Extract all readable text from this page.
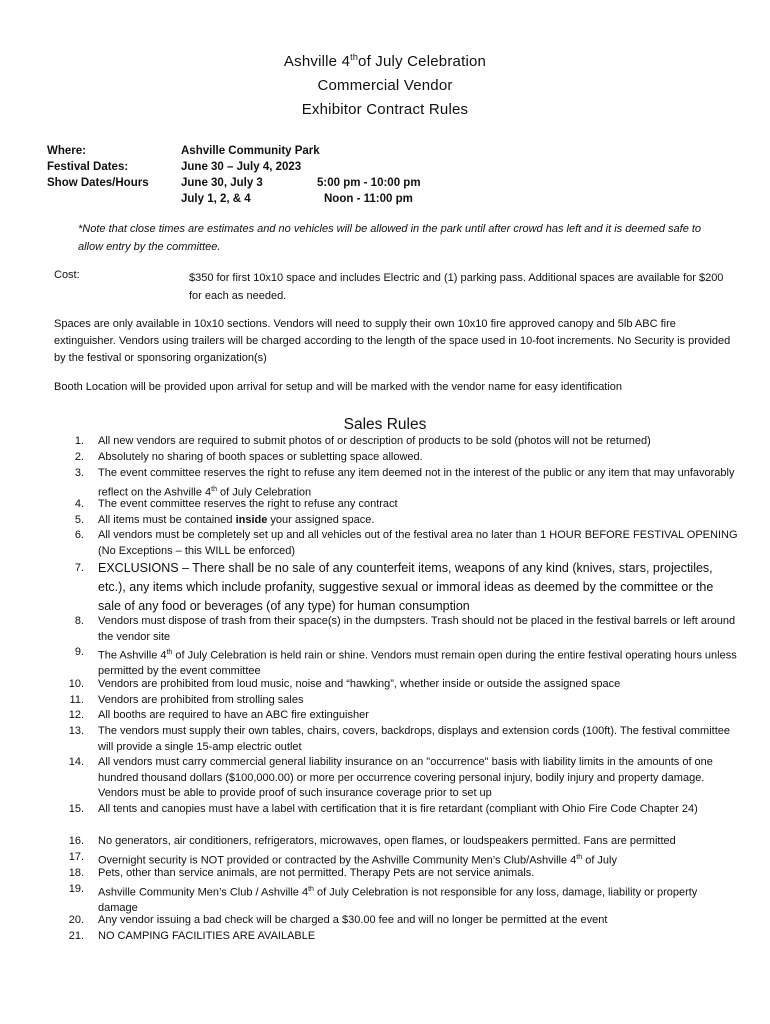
Ashville 4thof July Celebration
Commercial Vendor
Exhibitor Contract Rules
Where:	Ashville Community Park
Festival Dates:	June 30 – July 4, 2023
Show Dates/Hours	June 30, July 3	5:00 pm - 10:00 pm
July 1, 2, & 4	Noon - 11:00 pm
*Note that close times are estimates and no vehicles will be allowed in the park until after crowd has left and it is deemed safe to allow entry by the committee.
Cost:	$350 for first 10x10 space and includes Electric and (1) parking pass. Additional spaces are available for $200 for each as needed.
Spaces are only available in 10x10 sections. Vendors will need to supply their own 10x10 fire approved canopy and 5lb ABC fire extinguisher. Vendors using trailers will be charged according to the length of the space used in 10-foot increments. No Security is provided by the festival or sponsoring organization(s)
Booth Location will be provided upon arrival for setup and will be marked with the vendor name for easy identification
Sales Rules
1. All new vendors are required to submit photos of or description of products to be sold (photos will not be returned)
2. Absolutely no sharing of booth spaces or subletting space allowed.
3. The event committee reserves the right to refuse any item deemed not in the interest of the public or any item that may unfavorably reflect on the Ashville 4th of July Celebration
4. The event committee reserves the right to refuse any contract
5. All items must be contained inside your assigned space.
6. All vendors must be completely set up and all vehicles out of the festival area no later than 1 HOUR BEFORE FESTIVAL OPENING (No Exceptions – this WILL be enforced)
7. EXCLUSIONS – There shall be no sale of any counterfeit items, weapons of any kind (knives, stars, projectiles, etc.), any items which include profanity, suggestive sexual or immoral ideas as deemed by the committee or the sale of any food or beverages (of any type) for human consumption
8. Vendors must dispose of trash from their space(s) in the dumpsters. Trash should not be placed in the festival barrels or left around the vendor site
9. The Ashville 4th of July Celebration is held rain or shine. Vendors must remain open during the entire festival operating hours unless permitted by the event committee
10. Vendors are prohibited from loud music, noise and “hawking”, whether inside or outside the assigned space
11. Vendors are prohibited from strolling sales
12. All booths are required to have an ABC fire extinguisher
13. The vendors must supply their own tables, chairs, covers, backdrops, displays and extension cords (100ft). The festival committee will provide a single 15-amp electric outlet
14. All vendors must carry commercial general liability insurance on an "occurrence" basis with liability limits in the amounts of one hundred thousand dollars ($100,000.00) or more per occurrence covering personal injury, bodily injury and property damage. Vendors must be able to provide proof of such insurance coverage prior to set up
15. All tents and canopies must have a label with certification that it is fire retardant (compliant with Ohio Fire Code Chapter 24)
16. No generators, air conditioners, refrigerators, microwaves, open flames, or loudspeakers permitted. Fans are permitted
17. Overnight security is NOT provided or contracted by the Ashville Community Men’s Club/Ashville 4th of July
18. Pets, other than service animals, are not permitted. Therapy Pets are not service animals.
19. Ashville Community Men’s Club / Ashville 4th of July Celebration is not responsible for any loss, damage, liability or property damage
20. Any vendor issuing a bad check will be charged a $30.00 fee and will no longer be permitted at the event
21. NO CAMPING FACILITIES ARE AVAILABLE
